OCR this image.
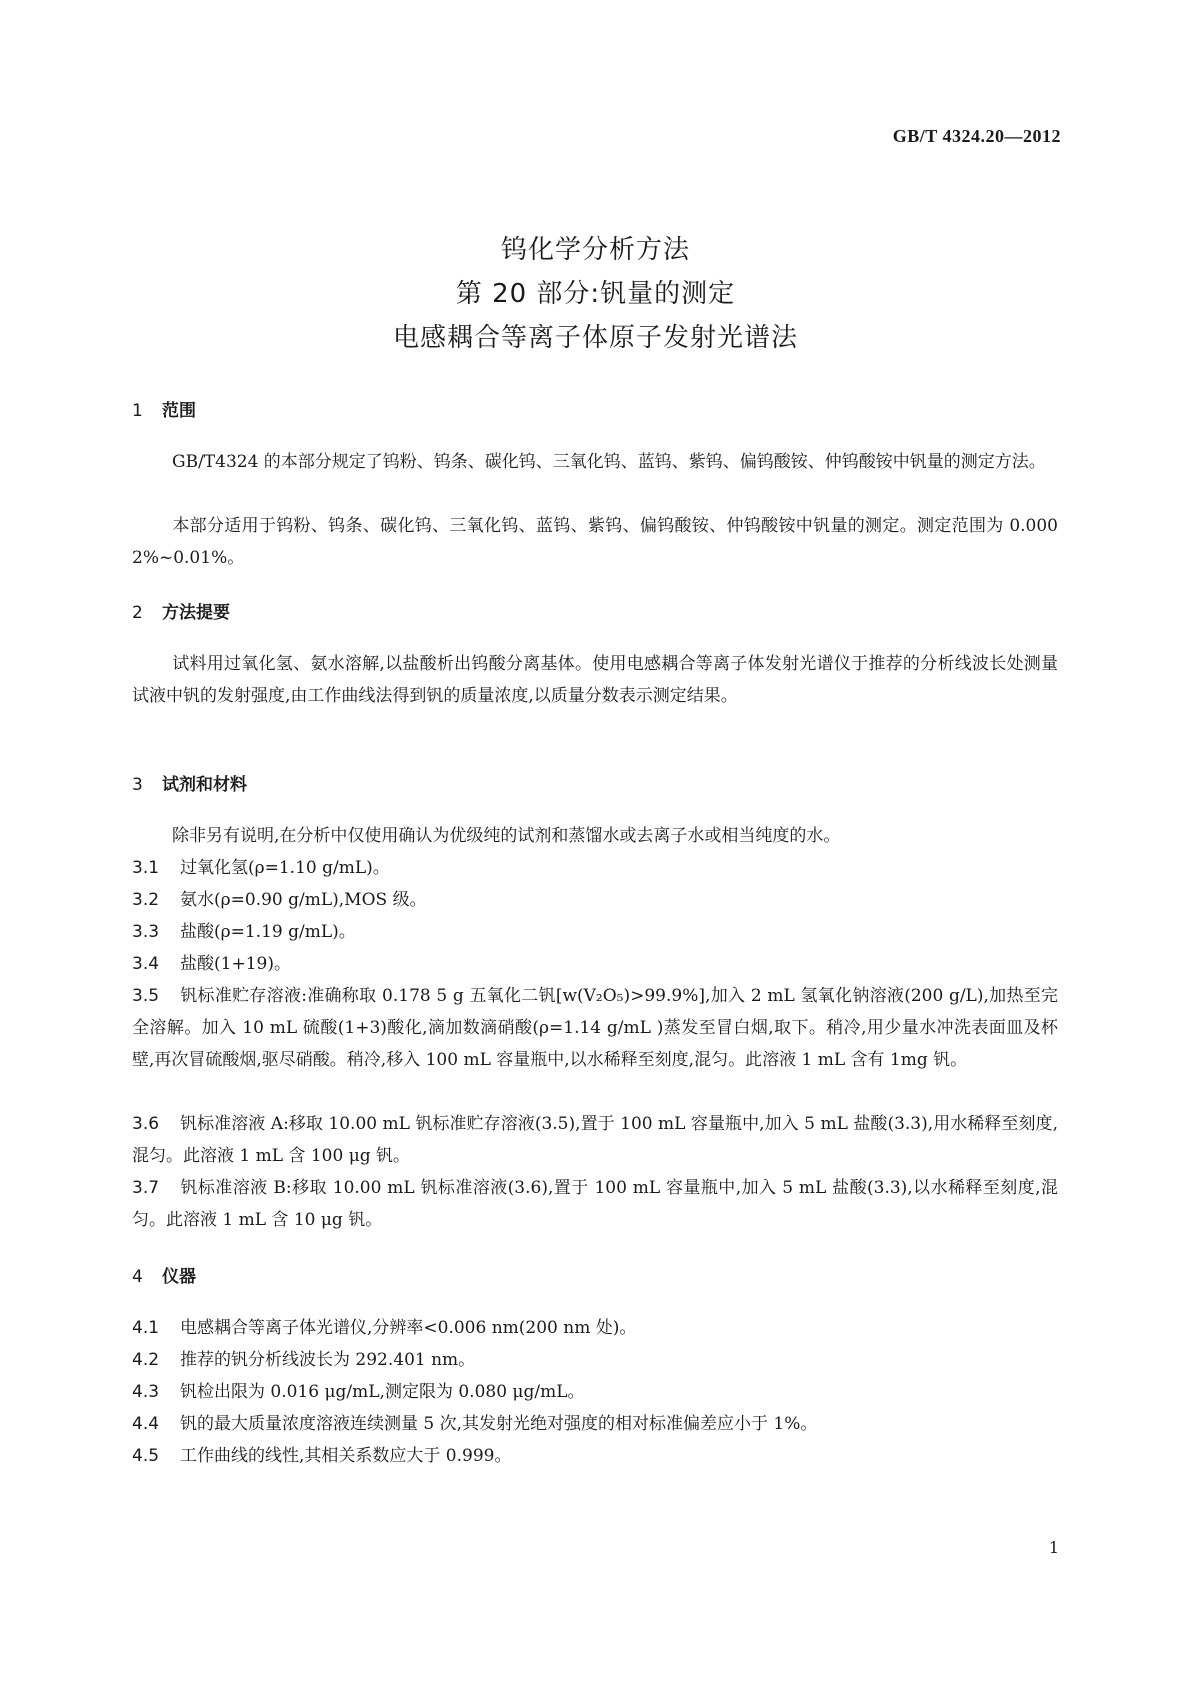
GB/T 4324.20—2012
钨化学分析方法
第 20 部分:钒量的测定
电感耦合等离子体原子发射光谱法
1 范围
GB/T4324 的本部分规定了钨粉、钨条、碳化钨、三氧化钨、蓝钨、紫钨、偏钨酸铵、仲钨酸铵中钒量的测定方法。
本部分适用于钨粉、钨条、碳化钨、三氧化钨、蓝钨、紫钨、偏钨酸铵、仲钨酸铵中钒量的测定。测定范围为 0.000 2%~0.01%。
2 方法提要
试料用过氧化氢、氨水溶解,以盐酸析出钨酸分离基体。使用电感耦合等离子体发射光谱仪于推荐的分析线波长处测量试液中钒的发射强度,由工作曲线法得到钒的质量浓度,以质量分数表示测定结果。
3 试剂和材料
除非另有说明,在分析中仅使用确认为优级纯的试剂和蒸馏水或去离子水或相当纯度的水。
3.1 过氧化氢(ρ=1.10 g/mL)。
3.2 氨水(ρ=0.90 g/mL),MOS 级。
3.3 盐酸(ρ=1.19 g/mL)。
3.4 盐酸(1+19)。
3.5 钒标准贮存溶液:准确称取 0.178 5 g 五氧化二钒[w(V₂O₅)>99.9%],加入 2 mL 氢氧化钠溶液(200 g/L),加热至完全溶解。加入 10 mL 硫酸(1+3)酸化,滴加数滴硝酸(ρ=1.14 g/mL )蒸发至冒白烟,取下。稍冷,用少量水冲洗表面皿及杯壁,再次冒硫酸烟,驱尽硝酸。稍冷,移入 100 mL 容量瓶中,以水稀释至刻度,混匀。此溶液 1 mL 含有 1mg 钒。
3.6 钒标准溶液 A:移取 10.00 mL 钒标准贮存溶液(3.5),置于 100 mL 容量瓶中,加入 5 mL 盐酸(3.3),用水稀释至刻度,混匀。此溶液 1 mL 含 100 μg 钒。
3.7 钒标准溶液 B:移取 10.00 mL 钒标准溶液(3.6),置于 100 mL 容量瓶中,加入 5 mL 盐酸(3.3),以水稀释至刻度,混匀。此溶液 1 mL 含 10 μg 钒。
4 仪器
4.1 电感耦合等离子体光谱仪,分辨率<0.006 nm(200 nm 处)。
4.2 推荐的钒分析线波长为 292.401 nm。
4.3 钒检出限为 0.016 μg/mL,测定限为 0.080 μg/mL。
4.4 钒的最大质量浓度溶液连续测量 5 次,其发射光绝对强度的相对标准偏差应小于 1%。
4.5 工作曲线的线性,其相关系数应大于 0.999。
1
